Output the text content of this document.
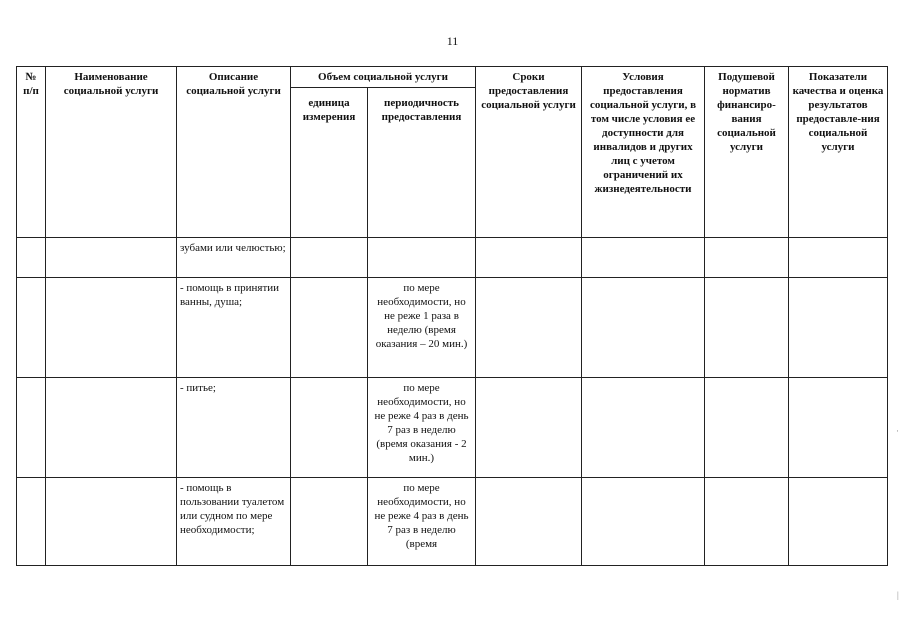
11
№ п/п	Наименование социальной услуги	Описание социальной услуги	Объем социальной услуги		Сроки предоставления социальной услуги	Условия предоставления социальной услуги, в том числе условия ее доступности для инвалидов и других лиц с учетом ограничений их жизнедеятельности	Подушевой норматив финансиро-вания социальной услуги	Показатели качества и оценка результатов предоставле-ния социальной услуги
			единица измерения	периодичность предоставления				
		зубами или челюстью;						
		- помощь в принятии ванны, душа;		по мере необходимости, но не реже 1 раза в неделю (время оказания – 20 мин.)				
		- питье;		по мере необходимости, но не реже 4 раз в день 7 раз в неделю (время оказания - 2 мин.)				
		- помощь в пользовании туалетом или судном по мере необходимости;		по мере необходимости, но не реже 4 раз в день 7 раз в неделю (время				
·
|
